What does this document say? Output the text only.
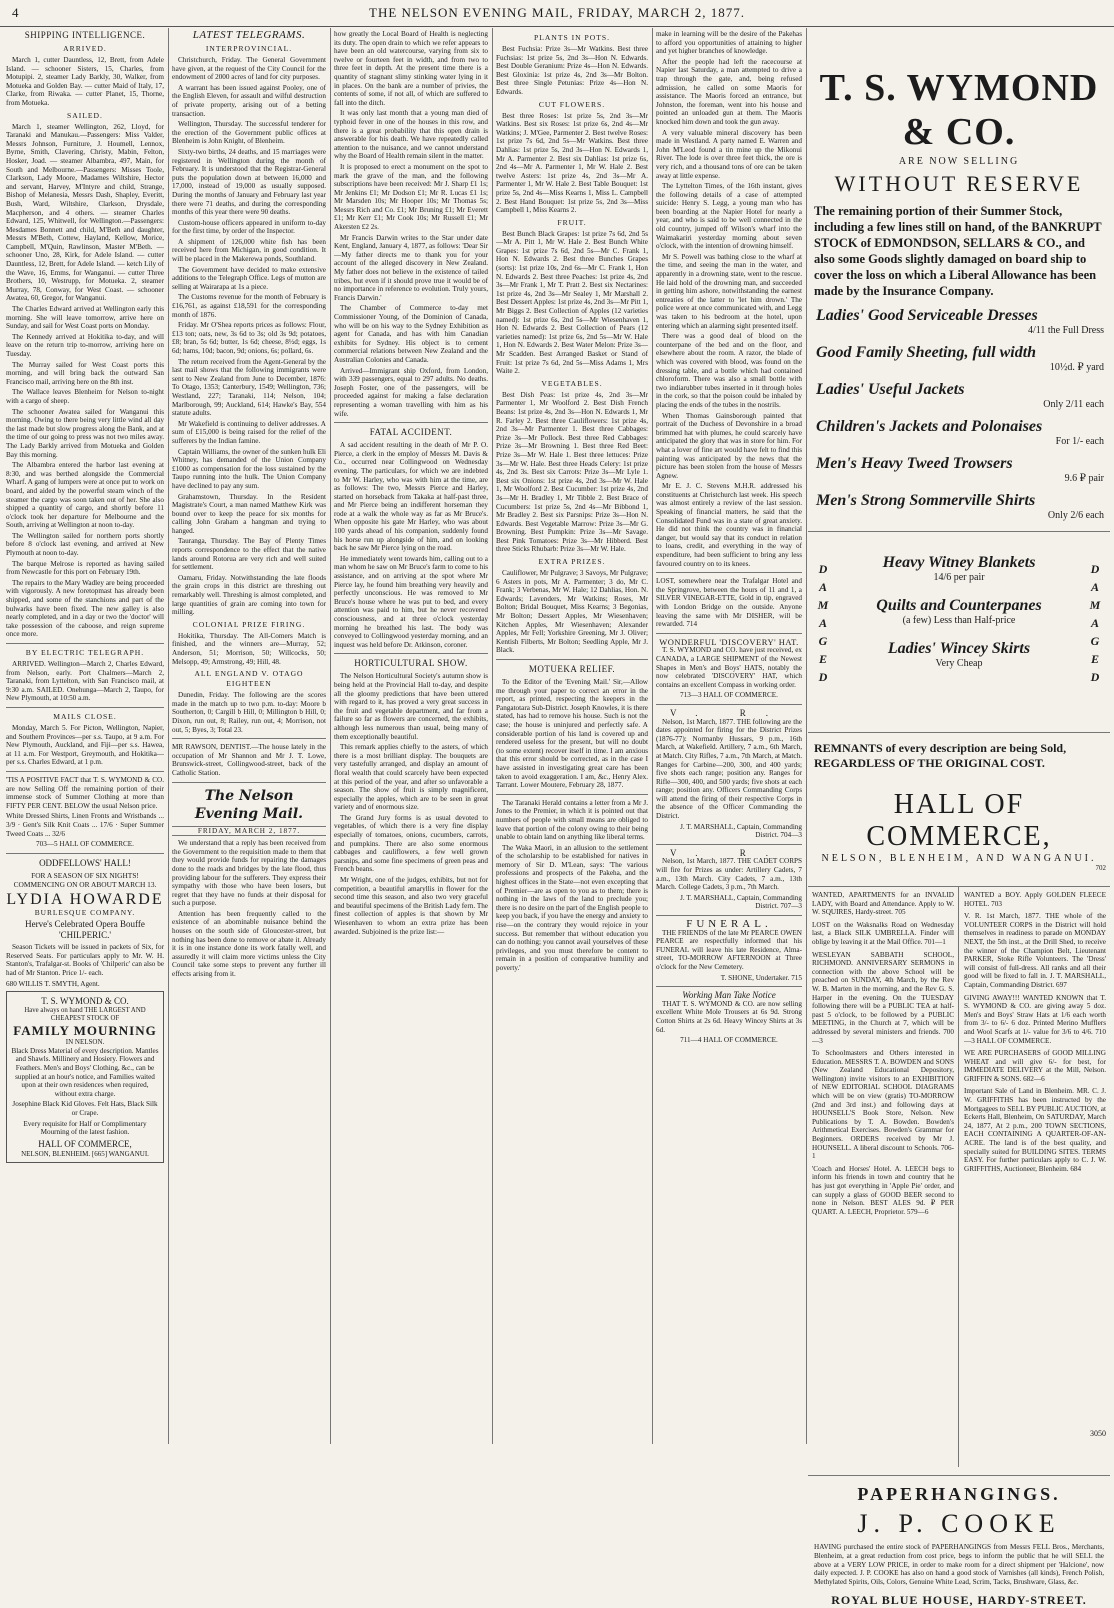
4	THE NELSON EVENING MAIL, FRIDAY, MARCH 2, 1877.
SHIPPING INTELLIGENCE.
ARRIVED.

March 1, cutter Dauntless, 12, Brett, from Adele Island. — schooner Sisters, 15, Charles, from Motupipi. 2, steamer Lady Barkly, 30, Walker, from Motueka and Golden Bay. — cutter Maid of Italy, 17, Clarke, from Riwaka. — cutter Planet, 15, Thorne, from Motueka.

SAILED.

March 1, steamer Wellington, 262, Lloyd, for Taranaki and Manukau.—Passengers: Miss Valder, Messrs Johnson, Furniture, J. Houmell, Lennox, Byrne, Smith, Clavering, Christy, Mabin, Felton, Hosker, Joad. — steamer Albambra, 497, Main, for South and Melbourne.—Passengers: Misses Toole, Clarkson, Lady Moore, Madames Wiltshire, Hector and servant, Harvey, M'Intyre and child, Strange, Bishop of Melanesia, Messrs Dash, Shapley, Everitt, Bush, Ward, Wiltshire, Clarkson, Drysdale, Macpherson, and 4 others. — steamer Charles Edward, 125, Whitwell, for Wellington.—Passengers: Mesdames Bonnett and child, M'Beth and daughter, Messrs M'Beth, Cottew, Hayland, Kellow, Morice, Campbell, M'Quin, Rawlinson, Master M'Beth. — schooner Uno, 28, Kirk, for Adele Island. — cutter Dauntless, 12, Brett, for Adele Island. — ketch Lily of the Wave, 16, Emms, for Wanganui. — cutter Three Brothers, 10, Westrupp, for Motueka. 2, steamer Murray, 78, Conway, for West Coast. — schooner Awatea, 60, Gregor, for Wanganui.

The Charles Edward arrived at Wellington early this morning. She will leave tomorrow, arrive here on Sunday, and sail for West Coast ports on Monday.

The Kennedy arrived at Hokitika to-day, and will leave on the return trip to-morrow, arriving here on Tuesday.

The Murray sailed for West Coast ports this morning, and will bring back the outward San Francisco mail, arriving here on the 8th inst.

The Wallace leaves Blenheim for Nelson to-night with a cargo of sheep.

The schooner Awatea sailed for Wanganui this morning. Owing to there being very little wind all day the last made but slow progress along the Bank, and at the time of our going to press was not two miles away. The Lady Barkly arrived from Motueka and Golden Bay this morning.

The Albambra entered the harbor last evening at 8:30, and was berthed alongside the Commercial Wharf. A gang of lumpers were at once put to work on board, and aided by the powerful steam winch of the steamer the cargo was soon taken out of her. She also shipped a quantity of cargo, and shortly before 11 o'clock took her departure for Melbourne and the South, arriving at Wellington at noon to-day.

The Wellington sailed for northern ports shortly before 8 o'clock last evening, and arrived at New Plymouth at noon to-day.

The barque Melrose is reported as having sailed from Newcastle for this port on February 19th.

The repairs to the Mary Wadley are being proceeded with vigorously. A new foretopmast has already been shipped, and some of the stanchions and part of the bulwarks have been fixed. The new galley is also nearly completed, and in a day or two the 'doctor' will take possession of the caboose, and reign supreme once more.

BY ELECTRIC TELEGRAPH.

ARRIVED. Wellington—March 2, Charles Edward, from Nelson, early. Port Chalmers—March 2, Taranaki, from Lyttelton, with San Francisco mail, at 9:30 a.m. SAILED. Onehunga—March 2, Taupo, for New Plymouth, at 10:50 a.m.

MAILS CLOSE.

Monday, March 5. For Picton, Wellington, Napier, and Southern Provinces—per s.s. Taupo, at 9 a.m. For New Plymouth, Auckland, and Fiji—per s.s. Hawea, at 11 a.m. For Westport, Greymouth, and Hokitika—per s.s. Charles Edward, at 1 p.m.

'TIS A POSITIVE FACT that T. S. WYMOND & CO. are now Selling Off the remaining portion of their immense stock of Summer Clothing at more than FIFTY PER CENT. BELOW the usual Nelson price.

White Dressed Shirts, Linen Fronts and Wristbands ... 3/9 · Gent's Silk Knit Coats ... 17/6 · Super Summer Tweed Coats ... 32/6

703—5 HALL OF COMMERCE.

ODDFELLOWS' HALL!
FOR A SEASON OF SIX NIGHTS! COMMENCING ON OR ABOUT MARCH 13.
LYDIA HOWARDE
BURLESQUE COMPANY.
Herve's Celebrated Opera Bouffe 'CHILPERIC.'

Season Tickets will be issued in packets of Six, for Reserved Seats. For particulars apply to Mr. W. H. Stanton's, Trafalgar-st. Books of 'Chilperic' can also be had of Mr Stanton. Price 1/- each.

680 WILLIS T. SMYTH, Agent.

T. S. WYMOND & CO.
Have always on hand THE LARGEST AND CHEAPEST STOCK OF
FAMILY MOURNING
IN NELSON.

Black Dress Material of every description. Mantles and Shawls. Millinery and Hosiery. Flowers and Feathers. Men's and Boys' Clothing, &c., can be supplied at an hour's notice, and Families waited upon at their own residences when required, without extra charge.

Josephine Black Kid Gloves. Felt Hats, Black Silk or Crape.

Every requisite for Half or Complimentary Mourning of the latest fashion.

HALL OF COMMERCE,
NELSON, BLENHEIM. [665] WANGANUI.
LATEST TELEGRAMS.
INTERPROVINCIAL.

Christchurch, Friday. The General Government have given, at the request of the City Council for the endowment of 2000 acres of land for city purposes.

A warrant has been issued against Pooley, one of the English Eleven, for assault and wilful destruction of private property, arising out of a betting transaction.

Wellington, Thursday. The successful tenderer for the erection of the Government public offices at Blenheim is John Knight, of Blenheim.

Sixty-two births, 24 deaths, and 15 marriages were registered in Wellington during the month of February. It is understood that the Registrar-General puts the population down at between 16,000 and 17,000, instead of 19,000 as usually supposed. During the months of January and February last year there were 71 deaths, and during the corresponding months of this year there were 90 deaths.

Custom-house officers appeared in uniform to-day for the first time, by order of the Inspector.

A shipment of 126,000 white fish has been received here from Michigan, in good condition. It will be placed in the Makerewa ponds, Southland.

The Government have decided to make extensive additions to the Telegraph Office. Legs of mutton are selling at Wairarapa at 1s a piece.

The Customs revenue for the month of February is £16,761, as against £18,591 for the corresponding month of 1876.

Friday. Mr O'Shea reports prices as follows: Flour, £13 ton; oats, new, 3s 6d to 3s; old 3s 9d; potatoes, £8; bran, 5s 6d; butter, 1s 6d; cheese, 8½d; eggs, 1s 6d; hams, 10d; bacon, 9d; onions, 6s; pollard, 6s.

The return received from the Agent-General by the last mail shows that the following immigrants were sent to New Zealand from June to December, 1876: To Otago, 1353; Canterbury, 1549; Wellington, 736; Westland, 227; Taranaki, 114; Nelson, 104; Marlborough, 99; Auckland, 614; Hawke's Bay, 554 statute adults.

Mr Wakefield is continuing to deliver addresses. A sum of £15,000 is being raised for the relief of the sufferers by the Indian famine.

Captain Williams, the owner of the sunken hulk Eli Whitney, has demanded of the Union Company £1000 as compensation for the loss sustained by the Taupo running into the hulk. The Union Company have declined to pay any sum.

Grahamstown, Thursday. In the Resident Magistrate's Court, a man named Matthew Kirk was bound over to keep the peace for six months for calling John Graham a hangman and trying to hanged.

Tauranga, Thursday. The Bay of Plenty Times reports correspondence to the effect that the native lands around Rotorua are very rich and well suited for settlement.

Oamaru, Friday. Notwithstanding the late floods the grain crops in this district are threshing out remarkably well. Threshing is almost completed, and large quantities of grain are coming into town for milling.

COLONIAL PRIZE FIRING.

Hokitika, Thursday. The All-Comers Match is finished, and the winners are—Murray, 52; Anderson, 51; Morrison, 50; Willcocks, 50; Melsopp, 49; Armstrong, 49; Hill, 48.

ALL ENGLAND V. OTAGO EIGHTEEN

Dunedin, Friday. The following are the scores made in the match up to two p.m. to-day: Moore b Southerton, 0; Cargill b Hill, 0; Millington b Hill, 0; Dixon, run out, 8; Railey, run out, 4; Morrison, not out, 5; Byes, 3; Total 23.

MR RAWSON, DENTIST.—The house lately in the occupation of Mr Shannon and Mr J. T. Lowe, Brunswick-street, Collingwood-street, back of the Catholic Station.

The Nelson Evening Mail.
FRIDAY, MARCH 2, 1877.

We understand that a reply has been received from the Government to the requisition made to them that they would provide funds for repairing the damages done to the roads and bridges by the late flood, thus providing labour for the sufferers. They express their sympathy with those who have been losers, but regret that they have no funds at their disposal for such a purpose.

Attention has been frequently called to the existence of an abominable nuisance behind the houses on the south side of Gloucester-street, but nothing has been done to remove or abate it. Already it is in one instance done its work fatally well, and assuredly it will claim more victims unless the City Council take some steps to prevent any further ill effects arising from it.

how greatly the Local Board of Health is neglecting its duty. The open drain to which we refer appears to have been an old watercourse, varying from six to twelve or fourteen feet in width, and from two to three feet in depth. At the present time there is a quantity of stagnant slimy stinking water lying in it in places. On the bank are a number of privies, the contents of some, if not all, of which are suffered to fall into the ditch.

It was only last month that a young man died of typhoid fever in one of the houses in this row, and there is a great probability that this open drain is answerable for his death. We have repeatedly called attention to the nuisance, and we cannot understand why the Board of Health remain silent in the matter.

It is proposed to erect a monument on the spot to mark the grave of the man, and the following subscriptions have been received: Mr J. Sharp £1 1s; Mr Jenkins £1; Mr Dodson £1; Mr R. Lucas £1 1s; Mr Marsden 10s; Mr Hooper 10s; Mr Thomas 5s; Messrs Rich and Co. £1; Mr Bruning £1; Mr Everett £1; Mr Kerr £1; Mr Cook 10s; Mr Russell £1; Mr Akersten £2 2s.

Mr Francis Darwin writes to the Star under date Kent, England, January 4, 1877, as follows: 'Dear Sir—My father directs me to thank you for your account of the alleged discovery in New Zealand. My father does not believe in the existence of tailed tribes, but even if it should prove true it would be of no importance in reference to evolution. Truly yours, Francis Darwin.'

The Chamber of Commerce to-day met Commissioner Young, of the Dominion of Canada, who will be on his way to the Sydney Exhibition as agent for Canada, and has with him Canadian exhibits for Sydney. His object is to cement commercial relations between New Zealand and the Australian Colonies and Canada.

Arrived—Immigrant ship Oxford, from London, with 339 passengers, equal to 297 adults. No deaths. Joseph Foster, one of the passengers, will be proceeded against for making a false declaration representing a woman travelling with him as his wife.

FATAL ACCIDENT.

A sad accident resulting in the death of Mr P. O. Pierce, a clerk in the employ of Messrs M. Davis & Co., occurred near Collingwood on Wednesday evening. The particulars, for which we are indebted to Mr W. Harley, who was with him at the time, are as follows: The two, Messrs Pierce and Harley, started on horseback from Takaka at half-past three, and Mr Pierce being an indifferent horseman they rode at a walk the whole way as far as Mr Bruce's. When opposite his gate Mr Harley, who was about 100 yards ahead of his companion, suddenly found his horse run up alongside of him, and on looking back he saw Mr Pierce lying on the road.

He immediately went towards him, calling out to a man whom he saw on Mr Bruce's farm to come to his assistance, and on arriving at the spot where Mr Pierce lay, he found him breathing very heavily and perfectly unconscious. He was removed to Mr Bruce's house where he was put to bed, and every attention was paid to him, but he never recovered consciousness, and at three o'clock yesterday morning he breathed his last. The body was conveyed to Collingwood yesterday morning, and an inquest was held before Dr. Atkinson, coroner.

HORTICULTURAL SHOW.

The Nelson Horticultural Society's autumn show is being held at the Provincial Hall to-day, and despite all the gloomy predictions that have been uttered with regard to it, has proved a very great success in the fruit and vegetable department, and far from a failure so far as flowers are concerned, the exhibits, although less numerous than usual, being many of them exceptionally beautiful.

This remark applies chiefly to the asters, of which there is a most brilliant display. The bouquets are very tastefully arranged, and display an amount of floral wealth that could scarcely have been expected at this period of the year, and after so unfavorable a season. The show of fruit is simply magnificent, especially the apples, which are to be seen in great variety and of enormous size.

The Grand Jury forms is as usual devoted to vegetables, of which there is a very fine display especially of tomatoes, onions, cucumbers, carrots, and pumpkins. There are also some enormous cabbages and cauliflowers, a few well grown parsnips, and some fine specimens of green peas and French beans.

Mr Wright, one of the judges, exhibits, but not for competition, a beautiful amaryllis in flower for the second time this season, and also two very graceful and beautiful specimens of the British Lady fern. The finest collection of apples is that shown by Mr Wiesenhaven to whom an extra prize has been awarded. Subjoined is the prize list:—

PLANTS IN POTS.

Best Fuchsia: Prize 3s—Mr Watkins. Best three Fuchsias: 1st prize 5s, 2nd 3s—Hon N. Edwards. Best Double Geranium: Prize 4s—Hon N. Edwards. Best Gloxinia: 1st prize 4s, 2nd 3s—Mr Bolton. Best three Single Petunias: Prize 4s—Hon N. Edwards.

CUT FLOWERS.

Best three Roses: 1st prize 5s, 2nd 3s—Mr Watkins. Best six Roses: 1st prize 6s, 2nd 4s—Mr Watkins; J. M'Gee, Parmenter 2. Best twelve Roses: 1st prize 7s 6d, 2nd 5s—Mr Watkins. Best three Dahlias: 1st prize 5s, 2nd 3s—Hon N. Edwards 1, Mr A. Parmenter 2. Best six Dahlias: 1st prize 6s, 2nd 4s—Mr A. Parmenter 1, Mr W. Hale 2. Best twelve Asters: 1st prize 4s, 2nd 3s—Mr A. Parmenter 1, Mr W. Hale 2. Best Table Bouquet: 1st prize 5s, 2nd 4s—Miss Kearns 1, Miss L. Campbell 2. Best Hand Bouquet: 1st prize 5s, 2nd 3s—Miss Campbell 1, Miss Kearns 2.

FRUIT.

Best Bunch Black Grapes: 1st prize 7s 6d, 2nd 5s—Mr A. Pitt 1, Mr W. Hale 2. Best Bunch White Grapes: 1st prize 7s 6d, 2nd 5s—Mr C. Frank 1, Hon N. Edwards 2. Best three Bunches Grapes (sorts): 1st prize 10s, 2nd 6s—Mr C. Frank 1, Hon N. Edwards 2. Best three Peaches: 1st prize 4s, 2nd 3s—Mr Frank 1, Mr T. Pratt 2. Best six Nectarines: 1st prize 4s, 2nd 3s—Mr Sealey 1, Mr Marshall 2. Best Dessert Apples: 1st prize 4s, 2nd 3s—Mr Pitt 1, Mr Biggs 2. Best Collection of Apples (12 varieties named): 1st prize 6s, 2nd 5s—Mr Wiesenhaven 1, Hon N. Edwards 2. Best Collection of Pears (12 varieties named): 1st prize 6s, 2nd 5s—Mr W. Hale 1, Hon N. Edwards 2. Best Water Melon: Prize 3s—Mr Scadden. Best Arranged Basket or Stand of Fruit: 1st prize 7s 6d, 2nd 5s—Miss Adams 1, Mrs Waite 2.

VEGETABLES.

Best Dish Peas: 1st prize 4s, 2nd 3s—Mr Parmenter 1, Mr Woolford 2. Best Dish French Beans: 1st prize 4s, 2nd 3s—Hon N. Edwards 1, Mr R. Farley 2. Best three Cauliflowers: 1st prize 4s, 2nd 3s—Mr Parmenter 1. Best three Cabbages: Prize 3s—Mr Pollock. Best three Red Cabbages: Prize 3s—Mr Browning 1. Best three Red Beet: Prize 3s—Mr W. Hale 1. Best three lettuces: Prize 3s—Mr W. Hale. Best three Heads Celery: 1st prize 4s, 2nd 3s. Best six Carrots: Prize 3s—Mr Lyle 1. Best six Onions: 1st prize 4s, 2nd 3s—Mr W. Hale 1, Mr Woolford 2. Best Cucumber: 1st prize 4s, 2nd 3s—Mr H. Bradley 1, Mr Tibble 2. Best Brace of Cucumbers: 1st prize 5s, 2nd 4s—Mr Bibbond 1, Mr Bradley 2. Best six Parsnips: Prize 3s—Hon N. Edwards. Best Vegetable Marrow: Prize 3s—Mr G. Browning. Best Pumpkin: Prize 3s—Mr Savage. Best Pink Tomatoes: Prize 3s—Mr Hibberd. Best three Sticks Rhubarb: Prize 3s—Mr W. Hale.

EXTRA PRIZES.

Cauliflower, Mr Pulgrave; 3 Savoys, Mr Pulgrave; 6 Asters in pots, Mr A. Parmenter; 3 do, Mr C. Frank; 3 Verbenas, Mr W. Hale; 12 Dahlias, Hon. N. Edwards; Lavenders, Mr Watkins; Roses, Mr Bolton; Bridal Bouquet, Miss Kearns; 3 Begonias, Mr Bolton; Dessert Apples, Mr Wiesenhaven; Kitchen Apples, Mr Wiesenhaven; Alexander Apples, Mr Fell; Yorkshire Greening, Mr J. Oliver; Kentish Filberts, Mr Bolton; Seedling Apple, Mr J. Black.

MOTUEKA RELIEF.

To the Editor of the 'Evening Mail.' Sir,—Allow me through your paper to correct an error in the report, as printed, respecting the keepers in the Pangatotara Sub-District. Joseph Knowles, it is there stated, has had to remove his house. Such is not the case; the house is uninjured and perfectly safe. A considerable portion of his land is covered up and rendered useless for the present, but will no doubt (to some extent) recover itself in time. I am anxious that this error should be corrected, as in the case I have assisted in investigating great care has been taken to avoid exaggeration. I am, &c., Henry Alex. Tarrant. Lower Moutere, February 28, 1877.

The Taranaki Herald contains a letter from a Mr J. Jones to the Premier, in which it is pointed out that numbers of people with small means are obliged to leave that portion of the colony owing to their being unable to obtain land on anything like liberal terms.

The Waka Maori, in an allusion to the settlement of the scholarship to be established for natives in memory of Sir D. M'Lean, says: 'The various professions and prospects of the Pakeha, and the highest offices in the State—not even excepting that of Premier—are as open to you as to them; there is nothing in the laws of the land to preclude you; there is no desire on the part of the English people to keep you back, if you have the energy and anxiety to rise—on the contrary they would rejoice in your success. But remember that without education you can do nothing; you cannot avail yourselves of these privileges, and you must therefore be content to remain in a position of comparative humility and poverty.'

make in learning will be the desire of the Pakehas to afford you opportunities of attaining to higher and yet higher branches of knowledge.

After the people had left the racecourse at Napier last Saturday, a man attempted to drive a trap through the gate, and, being refused admission, he called on some Maoris for assistance. The Maoris forced an entrance, but Johnston, the foreman, went into his house and pointed an unloaded gun at them. The Maoris knocked him down and took the gun away.

A very valuable mineral discovery has been made in Westland. A party named E. Warren and John M'Leod found a tin mine up the Mikonui River. The lode is over three feet thick, the ore is very rich, and a thousand tons of ore can be taken away at little expense.

The Lyttelton Times, of the 16th instant, gives the following details of a case of attempted suicide: Henry S. Legg, a young man who has been boarding at the Napier Hotel for nearly a year, and who is said to be well connected in the old country, jumped off Wilson's wharf into the Waimakariri yesterday morning about seven o'clock, with the intention of drowning himself.

Mr S. Powell was bathing close to the wharf at the time, and seeing the man in the water, and apparently in a drowning state, went to the rescue. He laid hold of the drowning man, and succeeded in getting him ashore, notwithstanding the earnest entreaties of the latter to 'let him drown.' The police were at once communicated with, and Legg was taken to his bedroom at the hotel, upon entering which an alarming sight presented itself.

There was a good deal of blood on the counterpane of the bed and on the floor, and elsewhere about the room. A razor, the blade of which was covered with blood, was found on the dressing table, and a bottle which had contained chloroform. There was also a small bottle with two indiarubber tubes inserted in it through holes in the cork, so that the poison could be inhaled by placing the ends of the tubes in the nostrils.

When Thomas Gainsborough painted that portrait of the Duchess of Devonshire in a broad brimmed hat with plumes, he could scarcely have anticipated the glory that was in store for him. For what a lover of fine art would have felt to find this painting was anticipated by the news that the picture has been stolen from the house of Messrs Agnew.

Mr E. J. C. Stevens M.H.R. addressed his constituents at Christchurch last week. His speech was almost entirely a review of the last session. Speaking of financial matters, he said that the Consolidated Fund was in a state of great anxiety. He did not think the country was in financial danger, but would say that its conduct in relation to loans, credit, and everything in the way of expenditure, had been sufficient to bring any less favoured country on to its knees.

LOST, somewhere near the Trafalgar Hotel and the Springrove, between the hours of 11 and 1, a SILVER VINEGAR-ETTE, Gold in tip, engraved with London Bridge on the outside. Anyone leaving the same with Mr DISHER, will be rewarded. 714

WONDERFUL 'DISCOVERY' HAT.

T. S. WYMOND and CO. have just received, ex CANADA, a LARGE SHIPMENT of the Newest Shapes in Men's and Boys' HATS, notably the now celebrated 'DISCOVERY' HAT, which contains an excellent Compass in working order.

713—3 HALL OF COMMERCE.

V. R.

Nelson, 1st March, 1877. THE following are the dates appointed for firing for the District Prizes (1876-77): Normanby Hussars, 9 p.m., 16th March, at Wakefield. Artillery, 7 a.m., 6th March, at Match. City Rifles, 7 a.m., 7th March, at Match. Ranges for Carbine—200, 300, and 400 yards; five shots each range; position any. Ranges for Rifle—300, 400, and 500 yards; five shots at each range; position any. Officers Commanding Corps will attend the firing of their respective Corps in the absence of the Officer Commanding the District.

J. T. MARSHALL, Captain, Commanding District. 704—3

V. R.

Nelson, 1st March, 1877. THE CADET CORPS will fire for Prizes as under: Artillery Cadets, 7 a.m., 13th March. City Cadets, 7 a.m., 13th March. College Cadets, 3 p.m., 7th March.

J. T. MARSHALL, Captain, Commanding District. 707—3

FUNERAL.

THE FRIENDS of the late Mr PEARCE OWEN PEARCE are respectfully informed that his FUNERAL will leave his late Residence, Alma-street, TO-MORROW AFTERNOON at Three o'clock for the New Cemetery.

T. SHONE, Undertaker. 715

Working Man Take Notice

THAT T. S. WYMOND & CO. are now selling excellent White Mole Trousers at 6s 9d. Strong Cotton Shirts at 2s 6d. Heavy Wincey Shirts at 3s 6d.

711—4 HALL OF COMMERCE.

T. S. WYMOND & CO.
ARE NOW SELLING
WITHOUT RESERVE
The remaining portion of their Summer Stock, including a few lines still on hand, of the BANKRUPT STOCK of EDMONDSON, SELLARS & CO., and also some Goods slightly damaged on board ship to cover the loss on which a Liberal Allowance has been made by the Insurance Company.
Ladies' Good Serviceable Dresses
4/11 the Full Dress
Good Family Sheeting, full width
10½d. ₽ yard
Ladies' Useful Jackets
Only 2/11 each
Children's Jackets and Polonaises
For 1/- each
Men's Heavy Tweed Trowsers
9.6 ₽ pair
Men's Strong Sommerville Shirts
Only 2/6 each
D
A
M
A
G
E
D
D
A
M
A
G
E
D
Heavy Witney Blankets
14/6 per pair
Quilts and Counterpanes
(a few) Less than Half-price
Ladies' Wincey Skirts
Very Cheap
REMNANTS of every description are being Sold, REGARDLESS OF THE ORIGINAL COST.
HALL OF COMMERCE,
NELSON, BLENHEIM, AND WANGANUI.
702

WANTED, APARTMENTS for an INVALID LADY, with Board and Attendance. Apply to W. W. SQUIRES, Hardy-street. 705

LOST on the Waksnalks Road on Wednesday last, a Black SILK UMBRELLA. Finder will oblige by leaving it at the Mail Office. 701—1

WESLEYAN SABBATH SCHOOL, RICHMOND. ANNIVERSARY SERMONS in connection with the above School will be preached on SUNDAY, 4th March, by the Rev W. B. Marten in the morning, and the Rev G. S. Harper in the evening. On the TUESDAY following there will be a PUBLIC TEA at half-past 5 o'clock, to be followed by a PUBLIC MEETING, in the Church at 7, which will be addressed by several ministers and friends. 700—3

To Schoolmasters and Others interested in Education. MESSRS T. A. BOWDEN and SONS (New Zealand Educational Depository, Wellington) invite visitors to an EXHIBITION of NEW EDITORIAL SCHOOL DIAGRAMS which will be on view (gratis) TO-MORROW (2nd and 3rd inst.) and following days at HOUNSELL'S Book Store, Nelson. New Publications by T. A. Bowden. Bowden's Arithmetical Exercises. Bowden's Grammar for Beginners. ORDERS received by Mr J. HOUNSELL. A liberal discount to Schools. 706-1

'Coach and Horses' Hotel. A. LEECH begs to inform his friends in town and country that he has just got everything in 'Apple Pie' order, and can supply a glass of GOOD BEER second to none in Nelson. BEST ALES 9d. ₽ PER QUART. A. LEECH, Proprietor. 579—6

WANTED a BOY. Apply GOLDEN FLEECE HOTEL. 703

V. R. 1st March, 1877. THE whole of the VOLUNTEER CORPS in the District will hold themselves in readiness to parade on MONDAY NEXT, the 5th inst., at the Drill Shed, to receive the winner of the Champion Belt, Lieutenant PARKER, Stoke Rifle Volunteers. The 'Dress' will consist of full-dress. All ranks and all their good will be fixed to fall in. J. T. MARSHALL, Captain, Commanding District. 697

GIVING AWAY!!! WANTED KNOWN that T. S. WYMOND & CO. are giving away 5 doz. Men's and Boys' Straw Hats at 1/6 each worth from 3/- to 6/- 6 doz. Printed Merino Mufflers and Wool Scarfs at 1/- value for 3/6 to 4/6. 710—3 HALL OF COMMERCE.

WE ARE PURCHASERS of GOOD MILLING WHEAT and will give 6/- for best, for IMMEDIATE DELIVERY at the Mill, Nelson. GRIFFIN & SONS. 682—6

Important Sale of Land in Blenheim. MR. C. J. W. GRIFFITHS has been instructed by the Mortgagees to SELL BY PUBLIC AUCTION, at Eckerts Hall, Blenheim, On SATURDAY, March 24, 1877, At 2 p.m., 200 TOWN SECTIONS, EACH CONTAINING A QUARTER-OF-AN-ACRE. The land is of the best quality, and specially suited for BUILDING SITES. TERMS EASY. For further particulars apply to C. J. W. GRIFFITHS, Auctioneer, Blenheim. 684

PAPERHANGINGS.
J. P. COOKE
HAVING purchased the entire stock of PAPERHANGINGS from Messrs FELL Bros., Merchants, Blenheim, at a great reduction from cost price, begs to inform the public that he will SELL the above at a VERY LOW PRICE, in order to make room for a direct shipment per 'Halcione', now daily expected. J. P. COOKE has also on hand a good stock of Varnishes (all kinds), French Polish, Methylated Spirits, Oils, Colors, Genuine White Lead, Scrim, Tacks, Brushware, Glass, &c.
ROYAL BLUE HOUSE, HARDY-STREET.
3050
